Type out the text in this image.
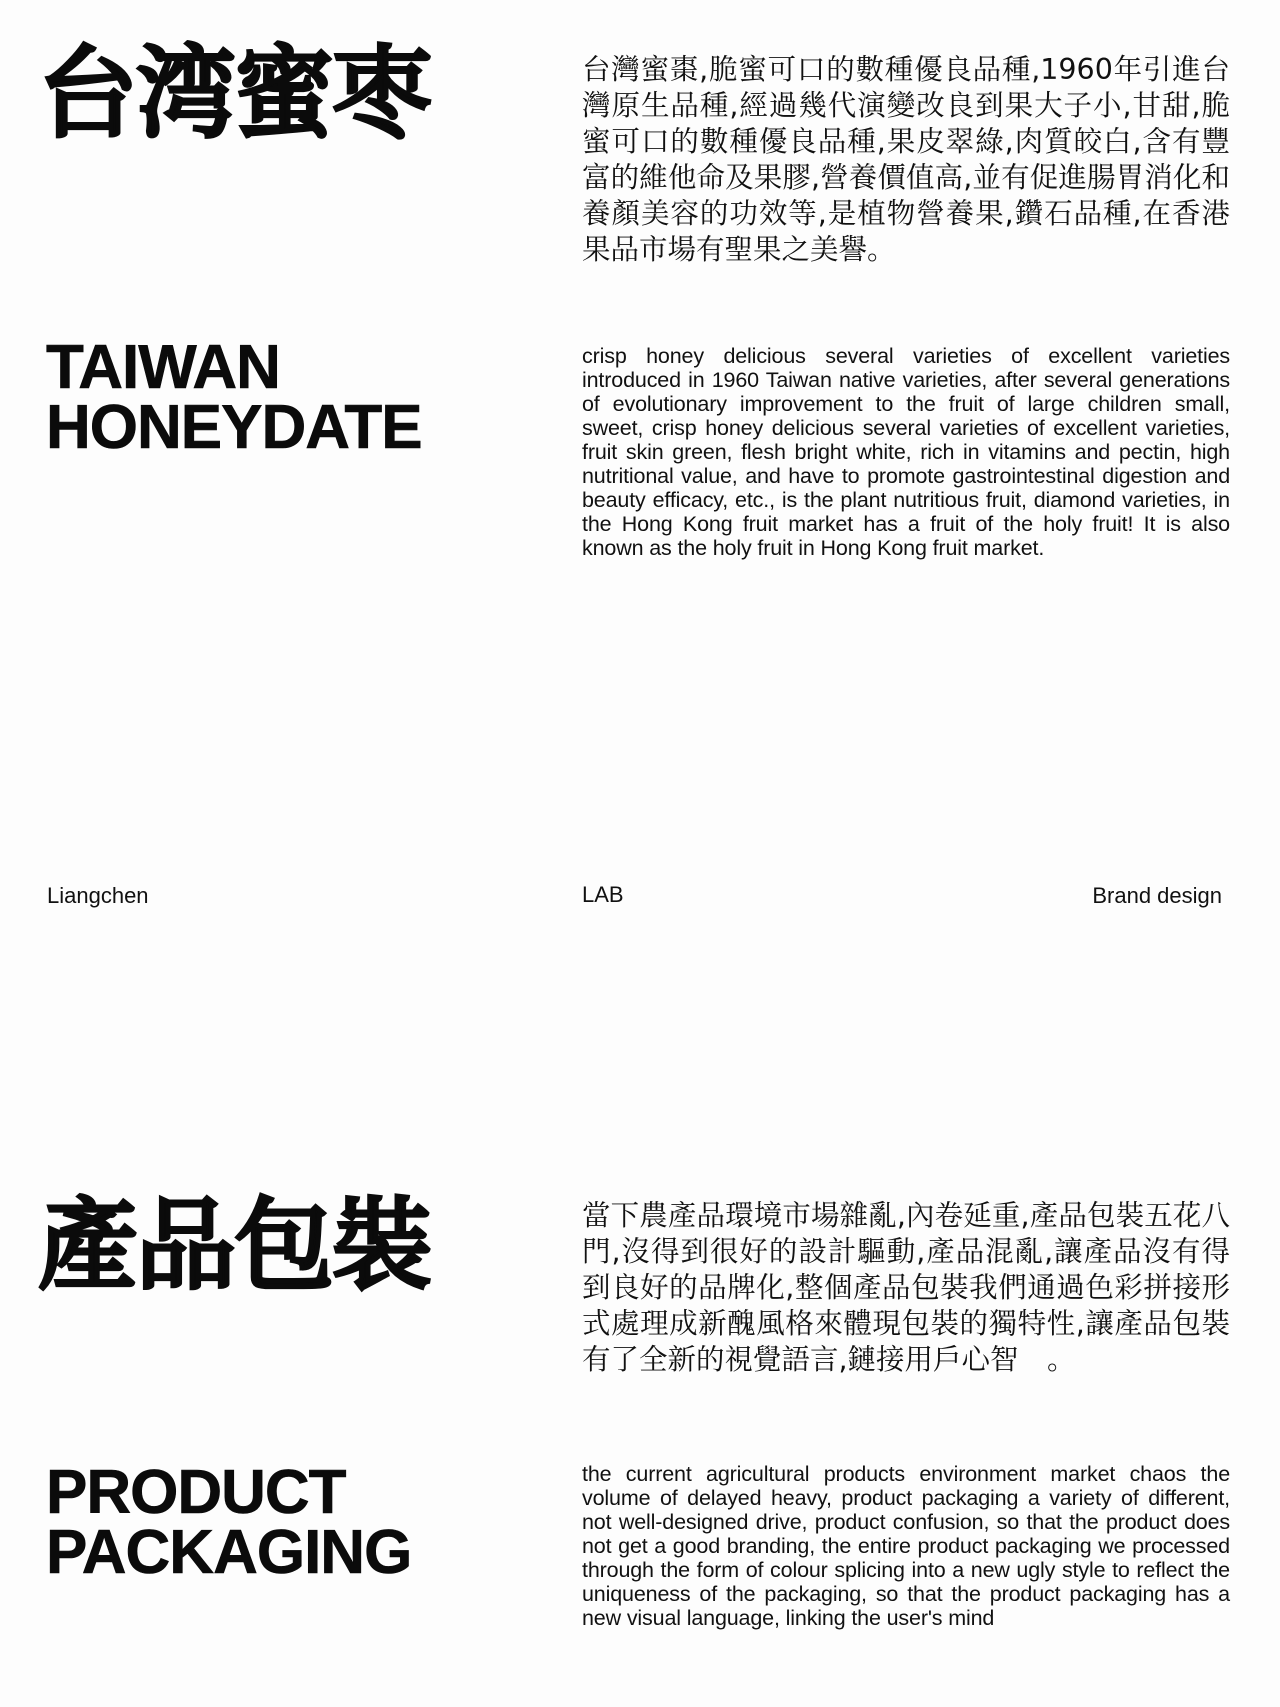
台湾蜜枣	台灣蜜棗,脆蜜可口的數種優良品種,1960年引進台灣原生品種,經過幾代演變改良到果大子小,甘甜,脆蜜可口的數種優良品種,果皮翠綠,肉質皎白,含有豐富的維他命及果膠,營養價值高,並有促進腸胃消化和養顏美容的功效等,是植物營養果,鑽石品種,在香港果品市場有聖果之美譽。
TAIWAN
HONEYDATE
crisp honey delicious several varieties of excellent varieties introduced in 1960 Taiwan native varieties, after several generations of evolutionary improvement to the fruit of large children small, sweet, crisp honey delicious several varieties of excellent varieties, fruit skin green, flesh bright white, rich in vitamins and pectin, high nutritional value, and have to promote gastrointestinal digestion and beauty efficacy, etc., is the plant nutritious fruit, diamond varieties, in the Hong Kong fruit market has a fruit of the holy fruit! It is also known as the holy fruit in Hong Kong fruit market.
Liangchen	LAB	Brand design
產品包裝	當下農產品環境市場雜亂,內卷延重,產品包裝五花八門,沒得到很好的設計驅動,產品混亂,讓產品沒有得到良好的品牌化,整個產品包裝我們通過色彩拼接形式處理成新醜風格來體現包裝的獨特性,讓產品包裝有了全新的視覺語言,鏈接用戶心智　。
PRODUCT
PACKAGING
the current agricultural products environment market chaos the volume of delayed heavy, product packaging a variety of different, not well-designed drive, product confusion, so that the product does not get a good branding, the entire product packaging we processed through the form of colour splicing into a new ugly style to reflect the uniqueness of the packaging, so that the product packaging has a new visual language, linking the user's mind
